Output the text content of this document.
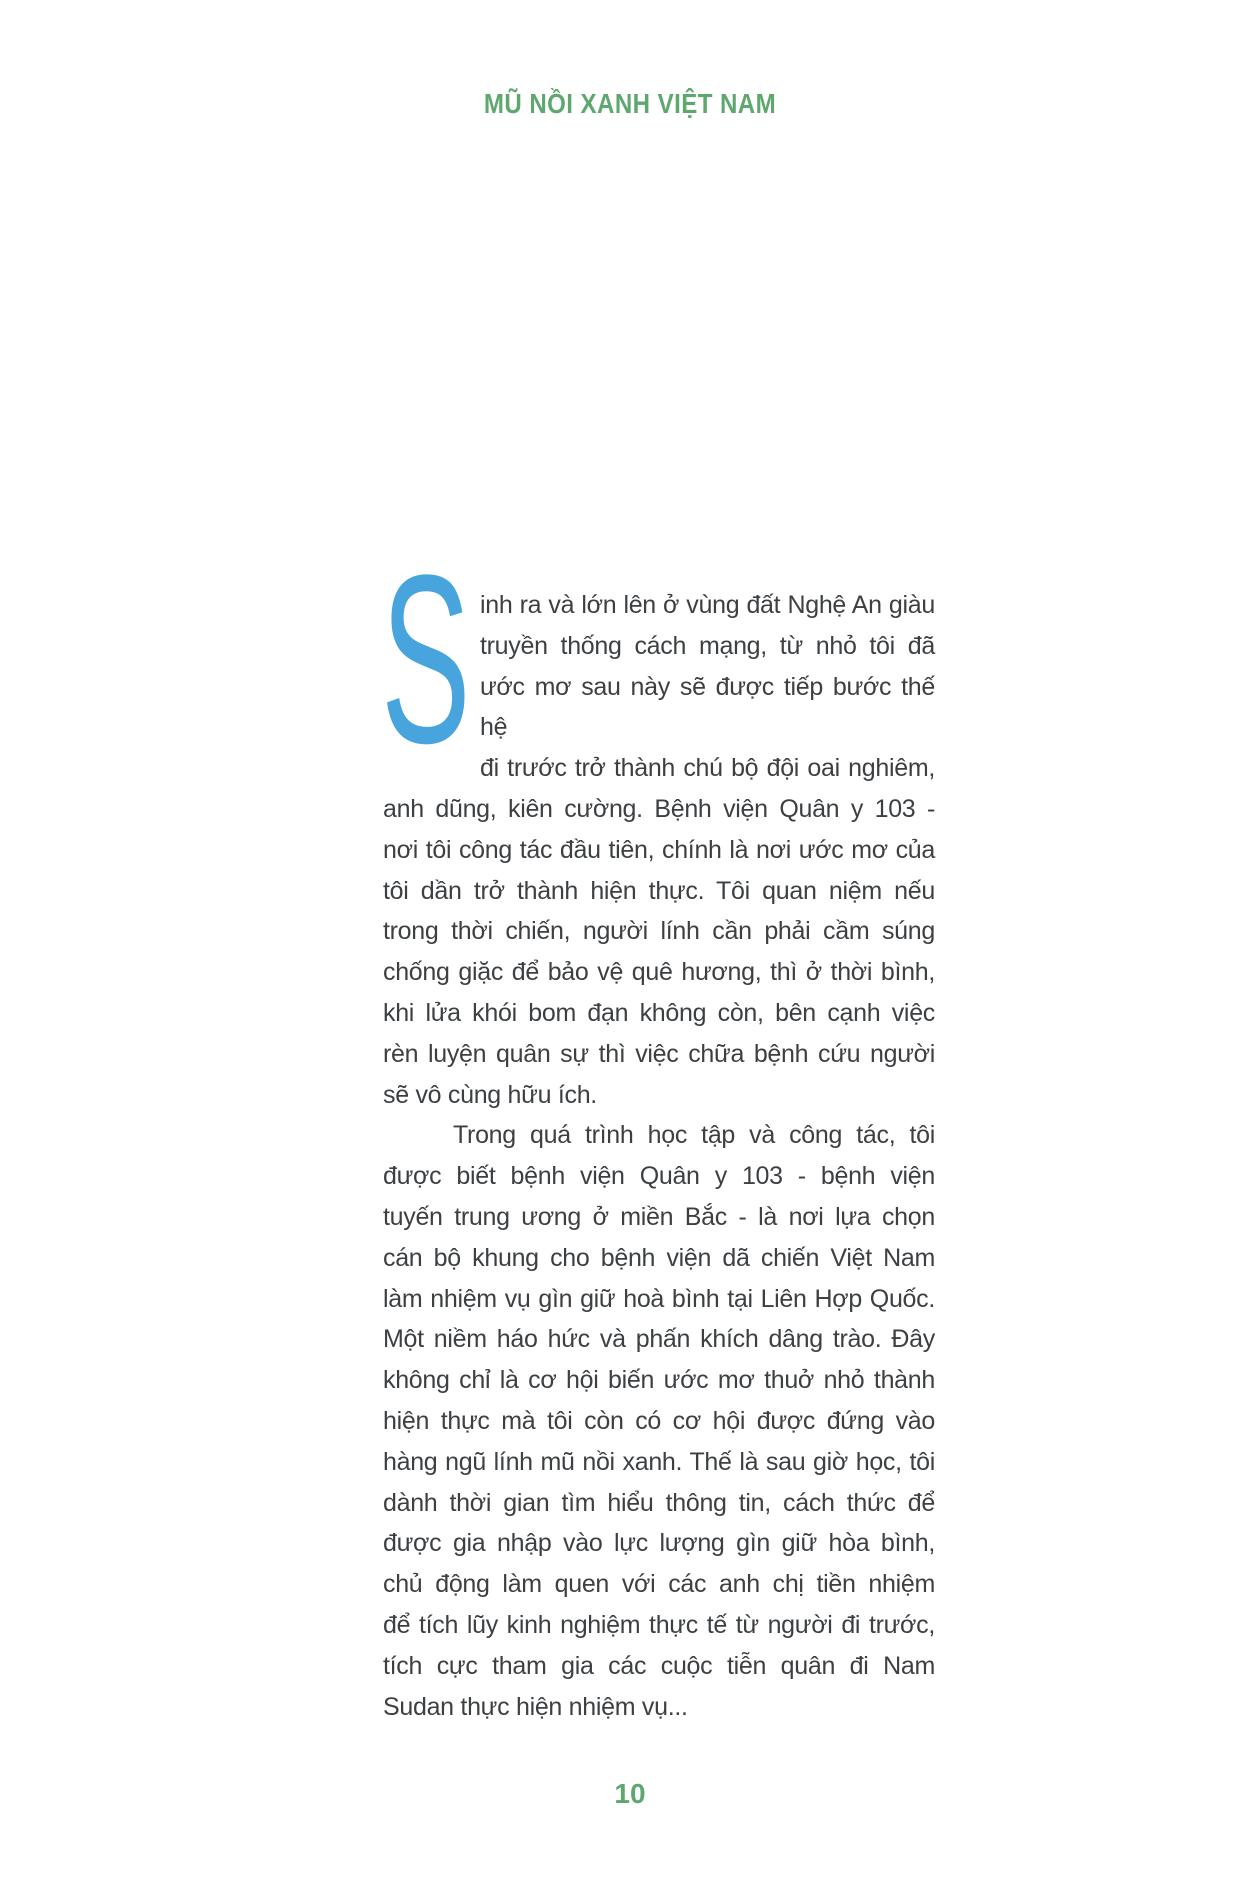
MŨ NỒI XANH VIỆT NAM
S inh ra và lớn lên ở vùng đất Nghệ An giàu
truyền thống cách mạng, từ nhỏ tôi đã
ước mơ sau này sẽ được tiếp bước thế hệ
đi trước trở thành chú bộ đội oai nghiêm,
anh dũng, kiên cường. Bệnh viện Quân y 103 -
nơi tôi công tác đầu tiên, chính là nơi ước mơ của
tôi dần trở thành hiện thực. Tôi quan niệm nếu
trong thời chiến, người lính cần phải cầm súng
chống giặc để bảo vệ quê hương, thì ở thời bình,
khi lửa khói bom đạn không còn, bên cạnh việc
rèn luyện quân sự thì việc chữa bệnh cứu người
sẽ vô cùng hữu ích.
Trong quá trình học tập và công tác, tôi
được biết bệnh viện Quân y 103 - bệnh viện
tuyến trung ương ở miền Bắc - là nơi lựa chọn
cán bộ khung cho bệnh viện dã chiến Việt Nam
làm nhiệm vụ gìn giữ hoà bình tại Liên Hợp Quốc.
Một niềm háo hức và phấn khích dâng trào. Đây
không chỉ là cơ hội biến ước mơ thuở nhỏ thành
hiện thực mà tôi còn có cơ hội được đứng vào
hàng ngũ lính mũ nồi xanh. Thế là sau giờ học, tôi
dành thời gian tìm hiểu thông tin, cách thức để
được gia nhập vào lực lượng gìn giữ hòa bình,
chủ động làm quen với các anh chị tiền nhiệm
để tích lũy kinh nghiệm thực tế từ người đi trước,
tích cực tham gia các cuộc tiễn quân đi Nam
Sudan thực hiện nhiệm vụ...
10
